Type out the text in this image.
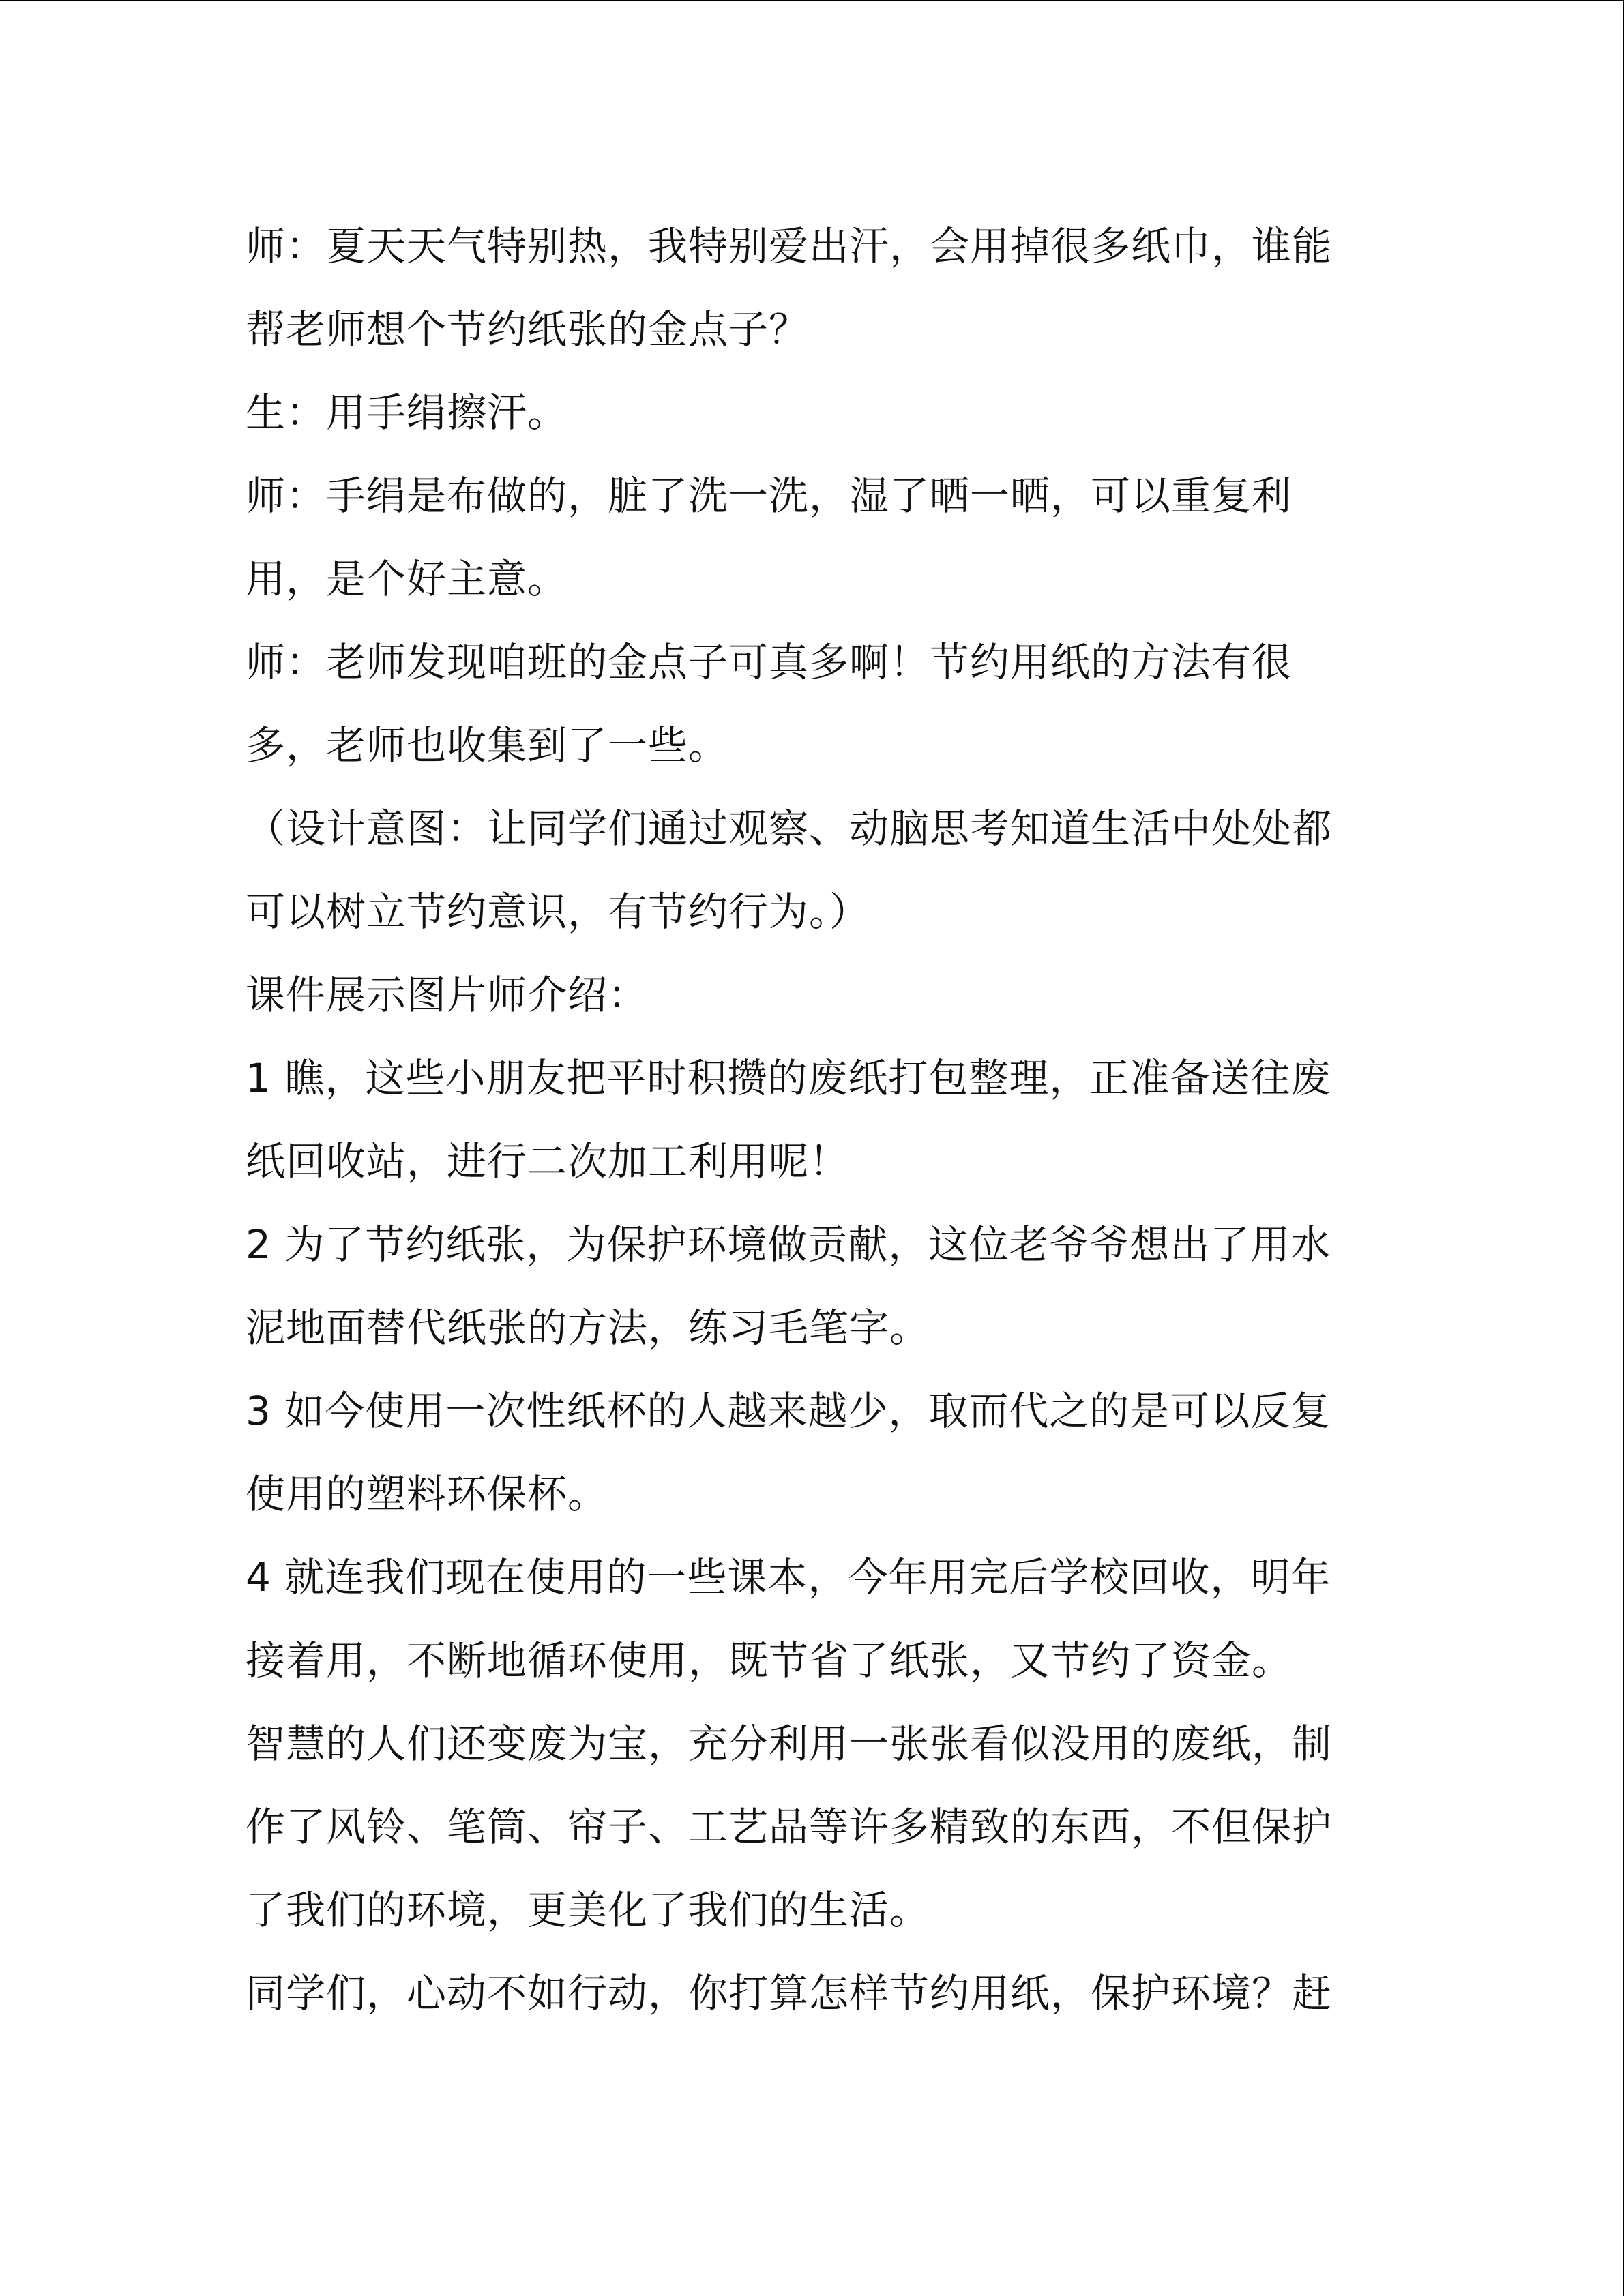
师：夏天天气特别热，我特别爱出汗，会用掉很多纸巾，谁能
帮老师想个节约纸张的金点子？
生：用手绢擦汗。
师：手绢是布做的，脏了洗一洗，湿了晒一晒，可以重复利
用，是个好主意。
师：老师发现咱班的金点子可真多啊！节约用纸的方法有很
多，老师也收集到了一些。
（设计意图：让同学们通过观察、动脑思考知道生活中处处都
可以树立节约意识，有节约行为。）
课件展示图片师介绍：
1 瞧，这些小朋友把平时积攒的废纸打包整理，正准备送往废
纸回收站，进行二次加工利用呢！
2 为了节约纸张，为保护环境做贡献，这位老爷爷想出了用水
泥地面替代纸张的方法，练习毛笔字。
3 如今使用一次性纸杯的人越来越少，取而代之的是可以反复
使用的塑料环保杯。
4 就连我们现在使用的一些课本，今年用完后学校回收，明年
接着用，不断地循环使用，既节省了纸张，又节约了资金。
智慧的人们还变废为宝，充分利用一张张看似没用的废纸，制
作了风铃、笔筒、帘子、工艺品等许多精致的东西，不但保护
了我们的环境，更美化了我们的生活。
同学们，心动不如行动，你打算怎样节约用纸，保护环境？赶
